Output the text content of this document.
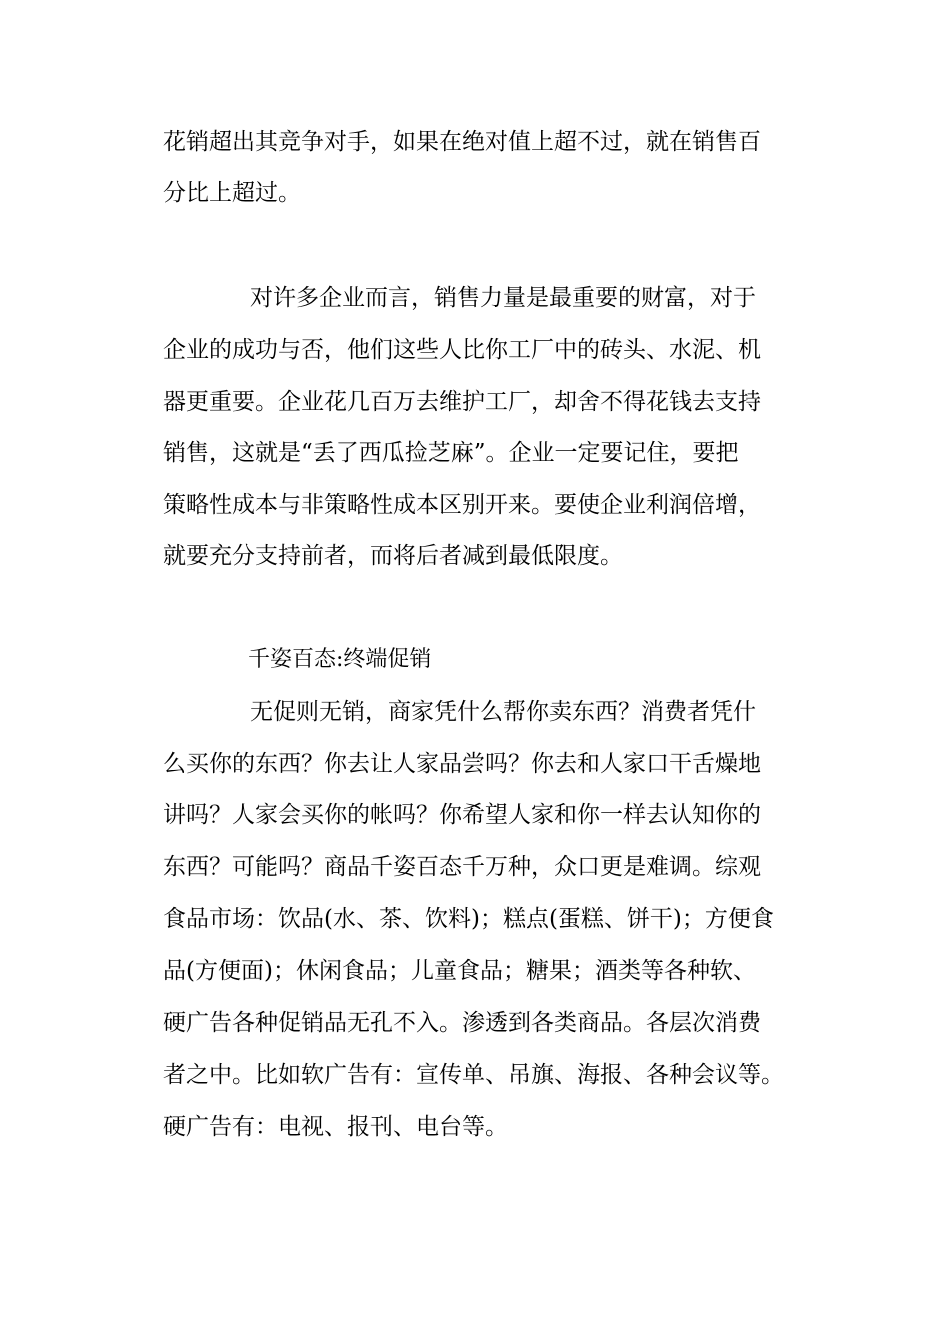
花销超出其竞争对手，如果在绝对值上超不过，就在销售百
分比上超过。
对许多企业而言，销售力量是最重要的财富，对于
企业的成功与否，他们这些人比你工厂中的砖头、水泥、机
器更重要。企业花几百万去维护工厂，却舍不得花钱去支持
销售，这就是“丢了西瓜捡芝麻”。企业一定要记住，要把
策略性成本与非策略性成本区别开来。要使企业利润倍增，
就要充分支持前者，而将后者减到最低限度。
千姿百态:终端促销
无促则无销，商家凭什么帮你卖东西？消费者凭什
么买你的东西？你去让人家品尝吗？你去和人家口干舌燥地
讲吗？人家会买你的帐吗？你希望人家和你一样去认知你的
东西？可能吗？商品千姿百态千万种，众口更是难调。综观
食品市场：饮品(水、茶、饮料)；糕点(蛋糕、饼干)；方便食
品(方便面)；休闲食品；儿童食品；糖果；酒类等各种软、
硬广告各种促销品无孔不入。渗透到各类商品。各层次消费
者之中。比如软广告有：宣传单、吊旗、海报、各种会议等。
硬广告有：电视、报刊、电台等。
